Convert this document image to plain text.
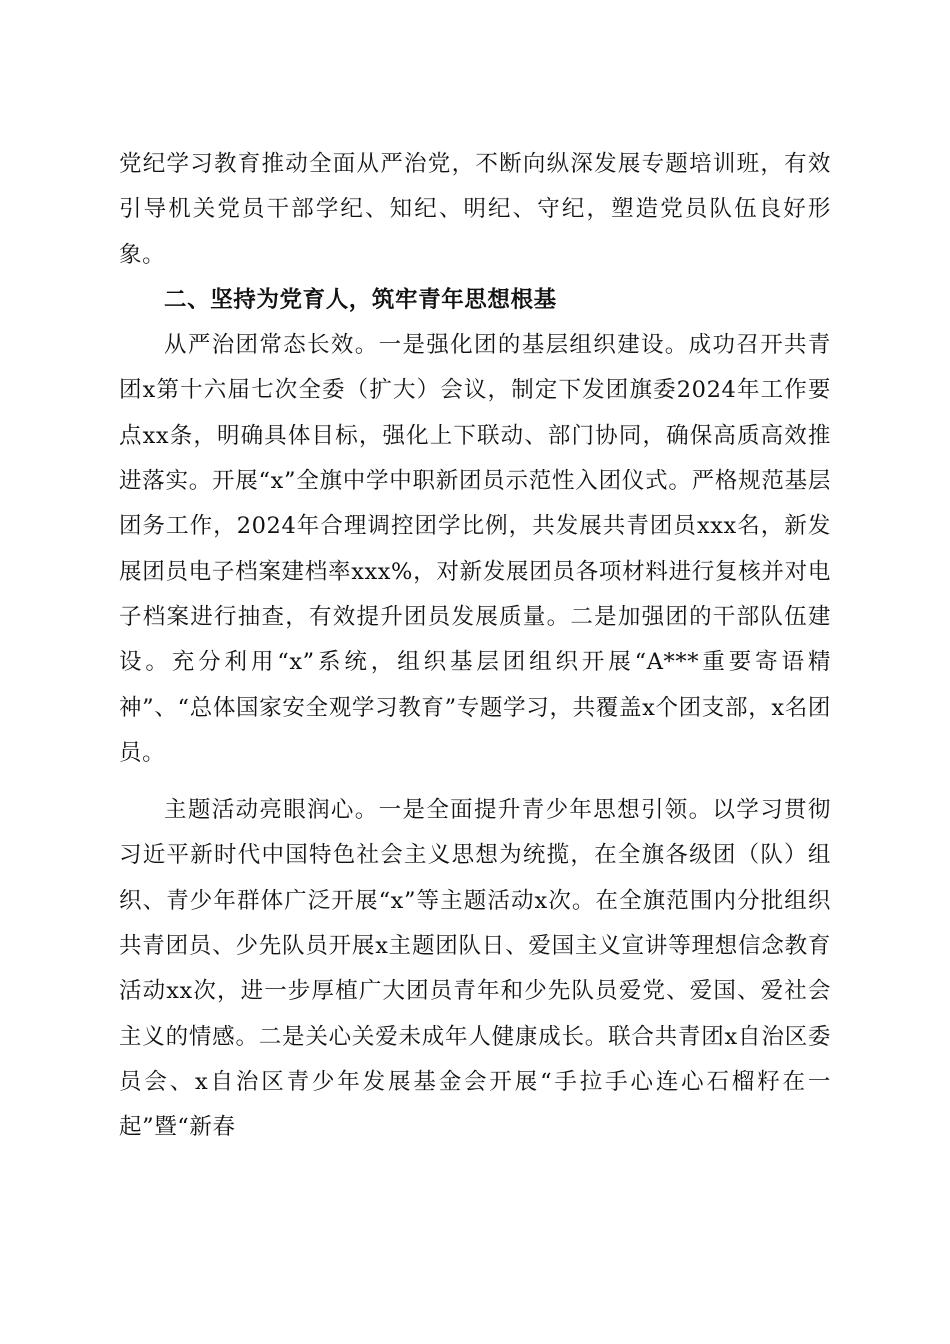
党纪学习教育推动全面从严治党，不断向纵深发展专题培训班，有效引导机关党员干部学纪、知纪、明纪、守纪，塑造党员队伍良好形象。

二、坚持为党育人，筑牢青年思想根基

从严治团常态长效。一是强化团的基层组织建设。成功召开共青团x第十六届七次全委（扩大）会议，制定下发团旗委2024年工作要点xx条，明确具体目标，强化上下联动、部门协同，确保高质高效推进落实。开展“x”全旗中学中职新团员示范性入团仪式。严格规范基层团务工作，2024年合理调控团学比例，共发展共青团员xxx名，新发展团员电子档案建档率xxx%，对新发展团员各项材料进行复核并对电子档案进行抽查，有效提升团员发展质量。二是加强团的干部队伍建设。充分利用“x”系统，组织基层团组织开展“A***重要寄语精神”、“总体国家安全观学习教育”专题学习，共覆盖x个团支部，x名团员。

主题活动亮眼润心。一是全面提升青少年思想引领。以学习贯彻习近平新时代中国特色社会主义思想为统揽，在全旗各级团（队）组织、青少年群体广泛开展“x”等主题活动x次。在全旗范围内分批组织共青团员、少先队员开展x主题团队日、爱国主义宣讲等理想信念教育活动xx次，进一步厚植广大团员青年和少先队员爱党、爱国、爱社会主义的情感。二是关心关爱未成年人健康成长。联合共青团x自治区委员会、x自治区青少年发展基金会开展“手拉手心连心石榴籽在一起”暨“新春
